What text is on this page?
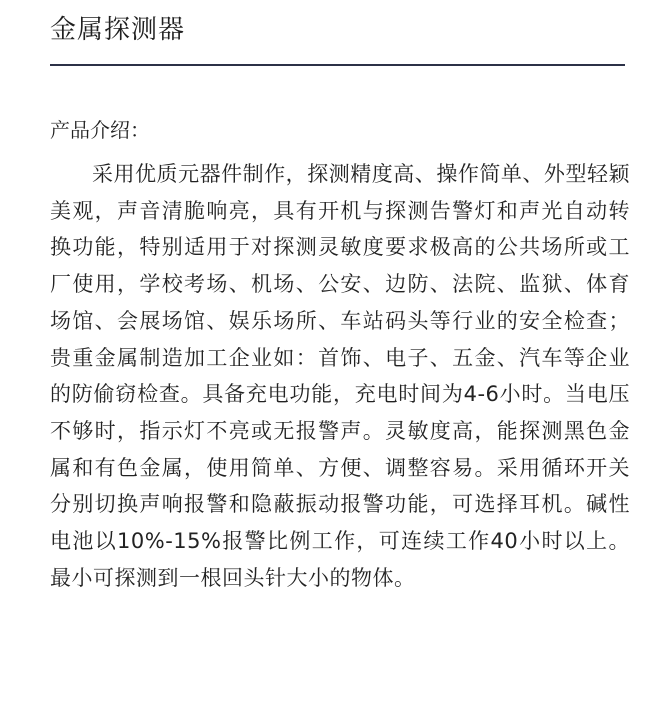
金属探测器
产品介绍：

采用优质元器件制作，探测精度高、操作简单、外型轻颖美观，声音清脆响亮，具有开机与探测告警灯和声光自动转换功能，特别适用于对探测灵敏度要求极高的公共场所或工厂使用，学校考场、机场、公安、边防、法院、监狱、体育场馆、会展场馆、娱乐场所、车站码头等行业的安全检查；贵重金属制造加工企业如：首饰、电子、五金、汽车等企业的防偷窃检查。具备充电功能，充电时间为4-6小时。当电压不够时，指示灯不亮或无报警声。灵敏度高，能探测黑色金属和有色金属，使用简单、方便、调整容易。采用循环开关分别切换声响报警和隐蔽振动报警功能，可选择耳机。碱性电池以10%-15%报警比例工作，可连续工作40小时以上。最小可探测到一根回头针大小的物体。
